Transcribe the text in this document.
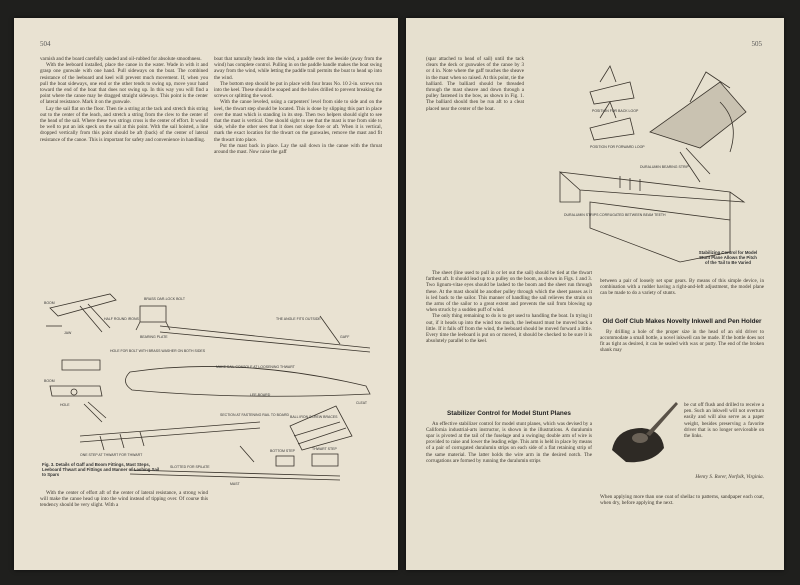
504

varnish and the board carefully sanded and oil-rubbed for absolute smoothness.

With the leeboard installed, place the canoe in the water. Wade in with it and grasp one gunwale with one hand. Pull sideways on the boat. The combined resistance of the leeboard and keel will prevent much movement. If, when you pull the boat sideways, one end or the other tends to swing up, move your hand toward the end of the boat that does not swing up. In this way you will find a point where the canoe may be dragged straight sideways. This point is the center of lateral resistance. Mark it on the gunwale.

Lay the sail flat on the floor. Then tie a string at the tack and stretch this string out to the center of the leach, and stretch a string from the clew to the center of the head of the sail. Where these two strings cross is the center of effort. It would be well to put an ink speck on the sail at this point. With the sail hoisted, a line dropped vertically from this point should be aft (back) of the center of lateral resistance of the canoe. This is important for safety and convenience in handling.

boat that naturally heads into the wind, a paddle over the leeside (away from the wind) has complete control. Pulling in on the paddle handle makes the boat swing away from the wind, while letting the paddle trail permits the boat to head up into the wind.

The bottom step should be put in place with four brass No. 10 2-in. screws run into the keel. These should be soaped and the holes drilled to prevent breaking the screws or splitting the wood.

With the canoe leveled, using a carpenters' level from side to side and on the keel, the thwart step should be located. This is done by slipping this part in place over the mast which is standing in its step. Then two helpers should sight to see that the mast is vertical. One should sight to see that the mast is true from side to side, while the other sees that it does not slope fore or aft. When it is vertical, mark the exact location for the thwart on the gunwales, remove the mast and fit the thwart into place.

Put the mast back in place. Lay the sail down in the canoe with the throat around the mast. Now raise the gaff

BOOM
JAW
HALF ROUND IRONS
BRASS OAR-LOCK BOLT
BEARING PLATE
THE ANGLE FITS OUTSIDE
GAFF
HOLE FOR BOLT WITH BRASS WASHER ON BOTH SIDES
MAKE SAIL CONSOLE AT LOOSENING THWART
BOOM
LEE-BOARD
HOLE
SECTION AT FASTENING RAIL TO BOARD BALL IRON SCREW BRACES
CLEAT
BOTTOM STEP	THWART STEP
SLOTTED FOR SPILATE
MAST
ONE STEP AT THWART FOR THWART
Fig. 3. Details of Gaff and Boom Fittings, Mast Steps, Leeboard Thwart and Fittings and Manner of Lashing Sail to Spars

With the center of effort aft of the center of lateral resistance, a strong wind will make the canoe head up into the wind instead of tipping over. Of course this tendency should be very slight. With a

505

(spar attached to head of sail) until the tack clears the deck or gunwales of the canoe by 3 or 4 in. Note where the gaff touches the sheave in the mast when so raised. At this point, tie the halliard. The balliard should be threaded through the mast sheave and down through a pulley fastened in the bow, as shown in Fig. 1. The balliard should then be run aft to a cleat placed near the center of the boat.

The sheet (line used to pull in or let out the sail) should be tied at the thwart farthest aft. It should lead up to a pulley on the boom, as shown in Figs. 1 and 3. Two lignum-vitae eyes should be lashed to the boom and the sheet run through these. At the mast should be another pulley through which the sheet passes as it is led back to the sailor. This manner of handling the sail relieves the strain on the arms of the sailor to a great extent and prevents the sail from blowing up when struck by a sudden puff of wind.

The only thing remaining to do is to get used to handling the boat. In trying it out, if it heads up into the wind too much, the leeboard must be moved back a little. If it falls off from the wind, the leeboard should be moved forward a little. Every time the leeboard is put on or moved, it should be checked to be sure it is absolutely parallel to the keel.

POSITION FOR BACK LOOP
POSITION FOR FORWARD LOOP
DURALUMIN BEARING STRIP
DURALUMIN STRIPS CORRUGATED BETWEEN BEAM TEETH
Stabilizing Control for Model Stunt Plane Allows the Pitch of the Tail to Be Varied

between a pair of loosely set spur gears. By means of this simple device, in combination with a rudder having a right-and-left adjustment, the model plane can be made to do a variety of stunts.

Stabilizer Control for Model Stunt Planes

An effective stabilizer control for model stunt planes, which was devised by a California industrial-arts instructor, is shown in the illustrations. A duralumin spar is pivoted at the tail of the fuselage and a swinging double arm of wire is provided to raise and lower the leading edge. This arm is held in place by means of a pair of corrugated duralumin strips on each side of a flat retaining strip of the same material. The latter holds the wire arm in the desired notch. The corrugations are formed by running the duralumin strips

Old Golf Club Makes Novelty Inkwell and Pen Holder

By drilling a hole of the proper size in the head of an old driver to accommodate a small bottle, a novel inkwell can be made. If the bottle does not fit as tight as desired, it can be sealed with wax or putty. The end of the broken shank may

be cut off flush and drilled to receive a pen. Such an inkwell will not overturn easily and will also serve as a paper weight, besides preserving a favorite driver that is no longer serviceable on the links.

Henry S. Rorer, Norfolk, Virginia.

When applying more than one coat of shellac to patterns, sandpaper each coat, when dry, before applying the next.
